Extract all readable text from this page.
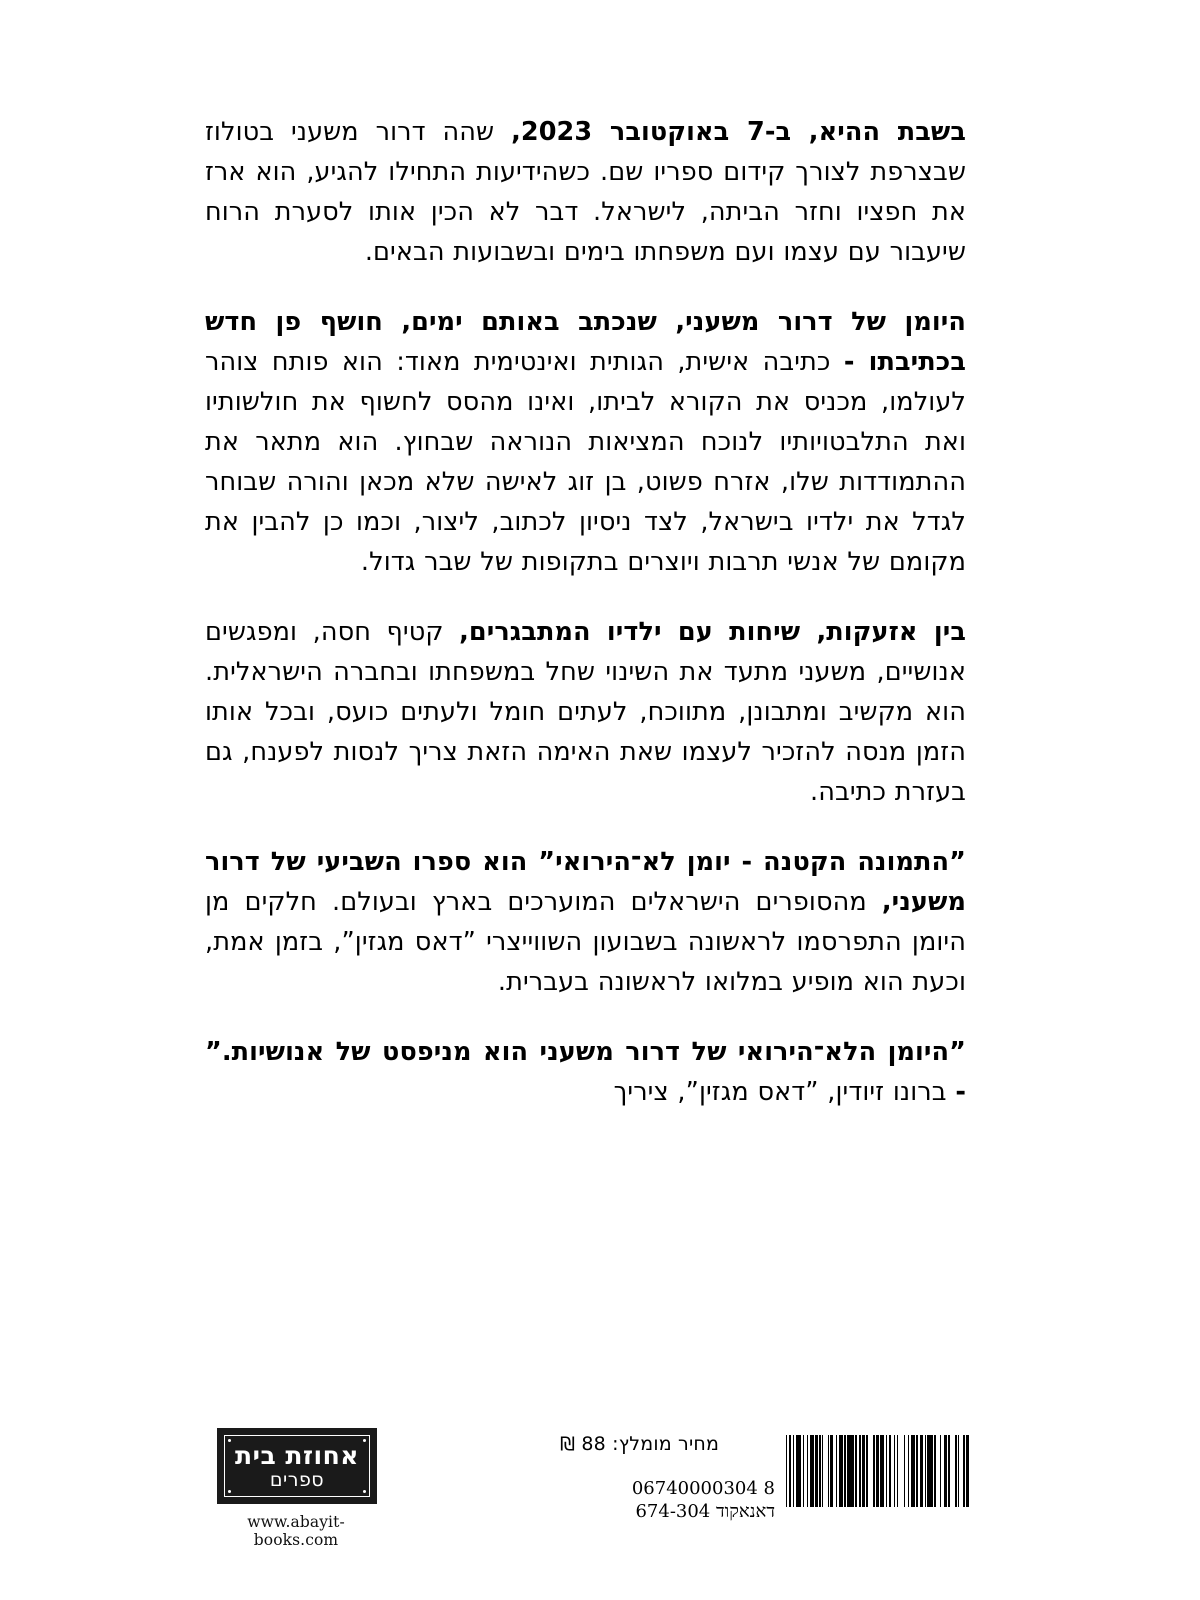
בשבת ההיא, ב-7 באוקטובר 2023, שהה דרור משעני בטולוז שבצרפת לצורך קידום ספריו שם. כשהידיעות התחילו להגיע, הוא ארז את חפציו וחזר הביתה, לישראל. דבר לא הכין אותו לסערת הרוח שיעבור עם עצמו ועם משפחתו בימים ובשבועות הבאים.

היומן של דרור משעני, שנכתב באותם ימים, חושף פן חדש בכתיבתו - כתיבה אישית, הגותית ואינטימית מאוד: הוא פותח צוהר לעולמו, מכניס את הקורא לביתו, ואינו מהסס לחשוף את חולשותיו ואת התלבטויותיו לנוכח המציאות הנוראה שבחוץ. הוא מתאר את ההתמודדות שלו, אזרח פשוט, בן זוג לאישה שלא מכאן והורה שבוחר לגדל את ילדיו בישראל, לצד ניסיון לכתוב, ליצור, וכמו כן להבין את מקומם של אנשי תרבות ויוצרים בתקופות של שבר גדול.

בין אזעקות, שיחות עם ילדיו המתבגרים, קטיף חסה, ומפגשים אנושיים, משעני מתעד את השינוי שחל במשפחתו ובחברה הישראלית. הוא מקשיב ומתבונן, מתווכח, לעתים חומל ולעתים כועס, ובכל אותו הזמן מנסה להזכיר לעצמו שאת האימה הזאת צריך לנסות לפענח, גם בעזרת כתיבה.

”התמונה הקטנה - יומן לא־הירואי” הוא ספרו השביעי של דרור משעני, מהסופרים הישראלים המוערכים בארץ ובעולם. חלקים מן היומן התפרסמו לראשונה בשבועון השווייצרי ”דאס מגזין”, בזמן אמת, וכעת הוא מופיע במלואו לראשונה בעברית.

”היומן הלא־הירואי של דרור משעני הוא מניפסט של אנושיות.” - ברונו זיודין, ”דאס מגזין”, ציריך

אחוזת בית
ספרים
www.abayit-books.com
מחיר מומלץ: 88 ₪
06740000304 8
דאנאקוד 674-304
